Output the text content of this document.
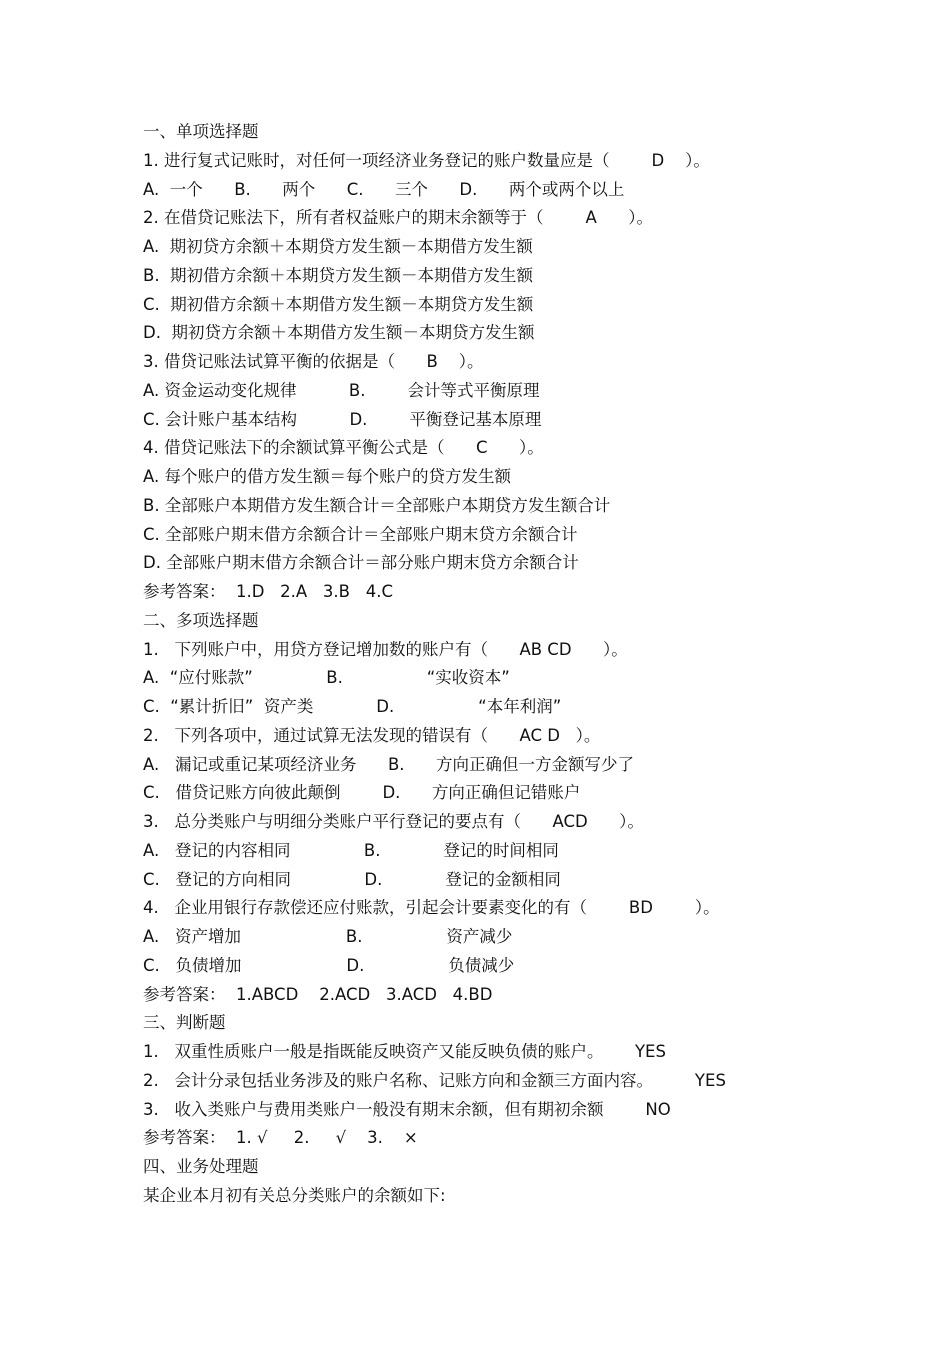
一、单项选择题
1. 进行复式记账时，对任何一项经济业务登记的账户数量应是（        D    ）。
A.  一个      B.      两个      C.      三个      D.      两个或两个以上
2. 在借贷记账法下，所有者权益账户的期末余额等于（        A      ）。
A.  期初贷方余额＋本期贷方发生额－本期借方发生额
B.  期初借方余额＋本期贷方发生额－本期借方发生额
C.  期初借方余额＋本期借方发生额－本期贷方发生额
D.  期初贷方余额＋本期借方发生额－本期贷方发生额
3. 借贷记账法试算平衡的依据是（      B    ）。
A. 资金运动变化规律          B.        会计等式平衡原理
C. 会计账户基本结构          D.        平衡登记基本原理
4. 借贷记账法下的余额试算平衡公式是（      C      ）。
A. 每个账户的借方发生额＝每个账户的贷方发生额
B. 全部账户本期借方发生额合计＝全部账户本期贷方发生额合计
C. 全部账户期末借方余额合计＝全部账户期末贷方余额合计
D. 全部账户期末借方余额合计＝部分账户期末贷方余额合计
参考答案：  1.D   2.A   3.B   4.C
二、多项选择题
1.   下列账户中，用贷方登记增加数的账户有（      AB CD      ）。
A.  “应付账款”              B.                “实收资本”
C.  “累计折旧”  资产类            D.                “本年利润”
2.   下列各项中，通过试算无法发现的错误有（      AC D   ）。
A.   漏记或重记某项经济业务      B.      方向正确但一方金额写少了
C.   借贷记账方向彼此颠倒        D.      方向正确但记错账户
3.   总分类账户与明细分类账户平行登记的要点有（      ACD      ）。
A.   登记的内容相同              B.            登记的时间相同
C.   登记的方向相同              D.            登记的金额相同
4.   企业用银行存款偿还应付账款，引起会计要素变化的有（        BD        ）。
A.   资产增加                    B.                资产减少
C.   负债增加                    D.                负债减少
参考答案：  1.ABCD    2.ACD   3.ACD   4.BD
三、判断题
1.   双重性质账户一般是指既能反映资产又能反映负债的账户。      YES
2.   会计分录包括业务涉及的账户名称、记账方向和金额三方面内容。        YES
3.   收入类账户与费用类账户一般没有期末余额，但有期初余额        NO
参考答案：  1. √     2.     √    3.    ×
四、业务处理题
某企业本月初有关总分类账户的余额如下:
